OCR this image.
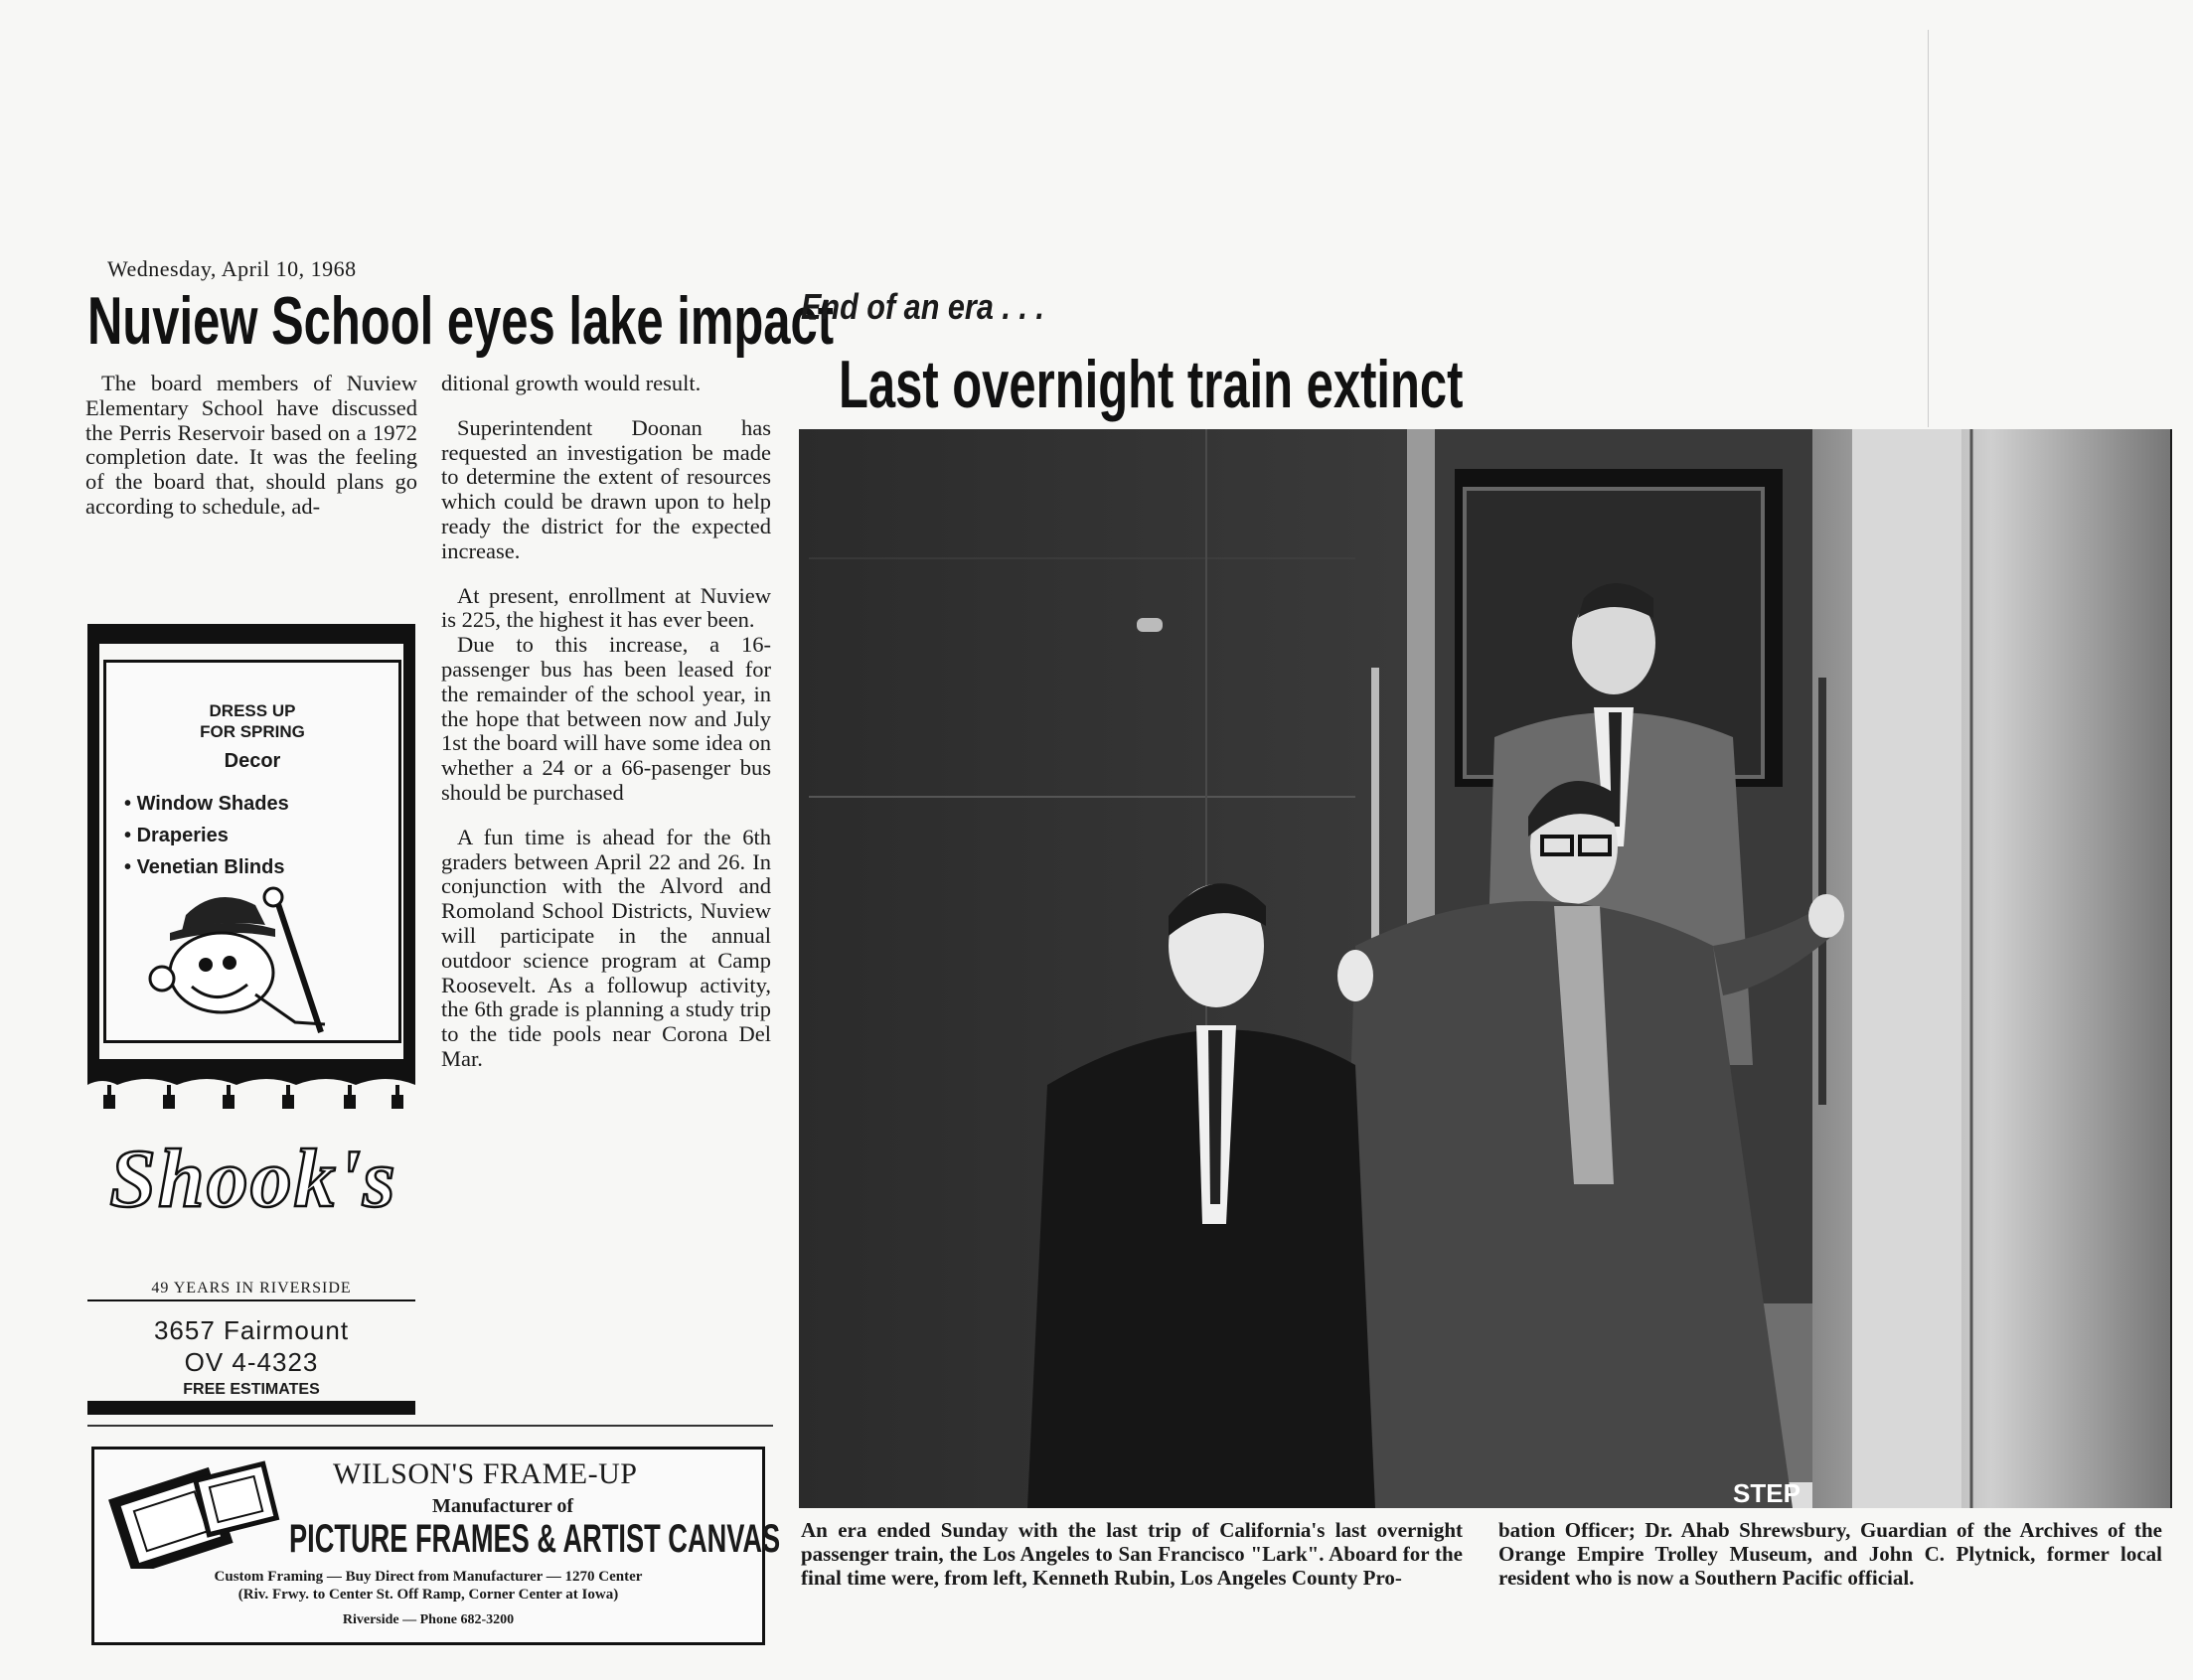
Wednesday, April 10, 1968
Nuview School eyes lake impact

The board members of Nuview Elementary School have discussed the Perris Reservoir based on a 1972 completion date. It was the feeling of the board that, should plans go according to schedule, ad-

ditional growth would result.

Superintendent Doonan has requested an investigation be made to determine the extent of resources which could be drawn upon to help ready the district for the expected increase.

At present, enrollment at Nuview is 225, the highest it has ever been.

Due to this increase, a 16-passenger bus has been leased for the remainder of the school year, in the hope that between now and July 1st the board will have some idea on whether a 24 or a 66-pasenger bus should be purchased

A fun time is ahead for the 6th graders between April 22 and 26. In conjunction with the Alvord and Romoland School Districts, Nuview will participate in the annual outdoor science program at Camp Roosevelt. As a followup activity, the 6th grade is planning a study trip to the tide pools near Corona Del Mar.

DRESS UP
FOR SPRING
Decor
• Window Shades
• Draperies
• Venetian Blinds
Shook's
49 YEARS IN RIVERSIDE
3657 Fairmount
OV 4-4323
FREE ESTIMATES
WILSON'S FRAME-UP
Manufacturer of
PICTURE FRAMES & ARTIST CANVAS
Custom Framing — Buy Direct from Manufacturer — 1270 Center
(Riv. Frwy. to Center St. Off Ramp, Corner Center at Iowa)
Riverside — Phone 682-3200
End of an era . . .
Last overnight train extinct
STEP

An era ended Sunday with the last trip of California's last overnight passenger train, the Los Angeles to San Francisco "Lark". Aboard for the final time were, from left, Kenneth Rubin, Los Angeles County Pro-

bation Officer; Dr. Ahab Shrewsbury, Guardian of the Archives of the Orange Empire Trolley Museum, and John C. Plytnick, former local resident who is now a Southern Pacific official.
